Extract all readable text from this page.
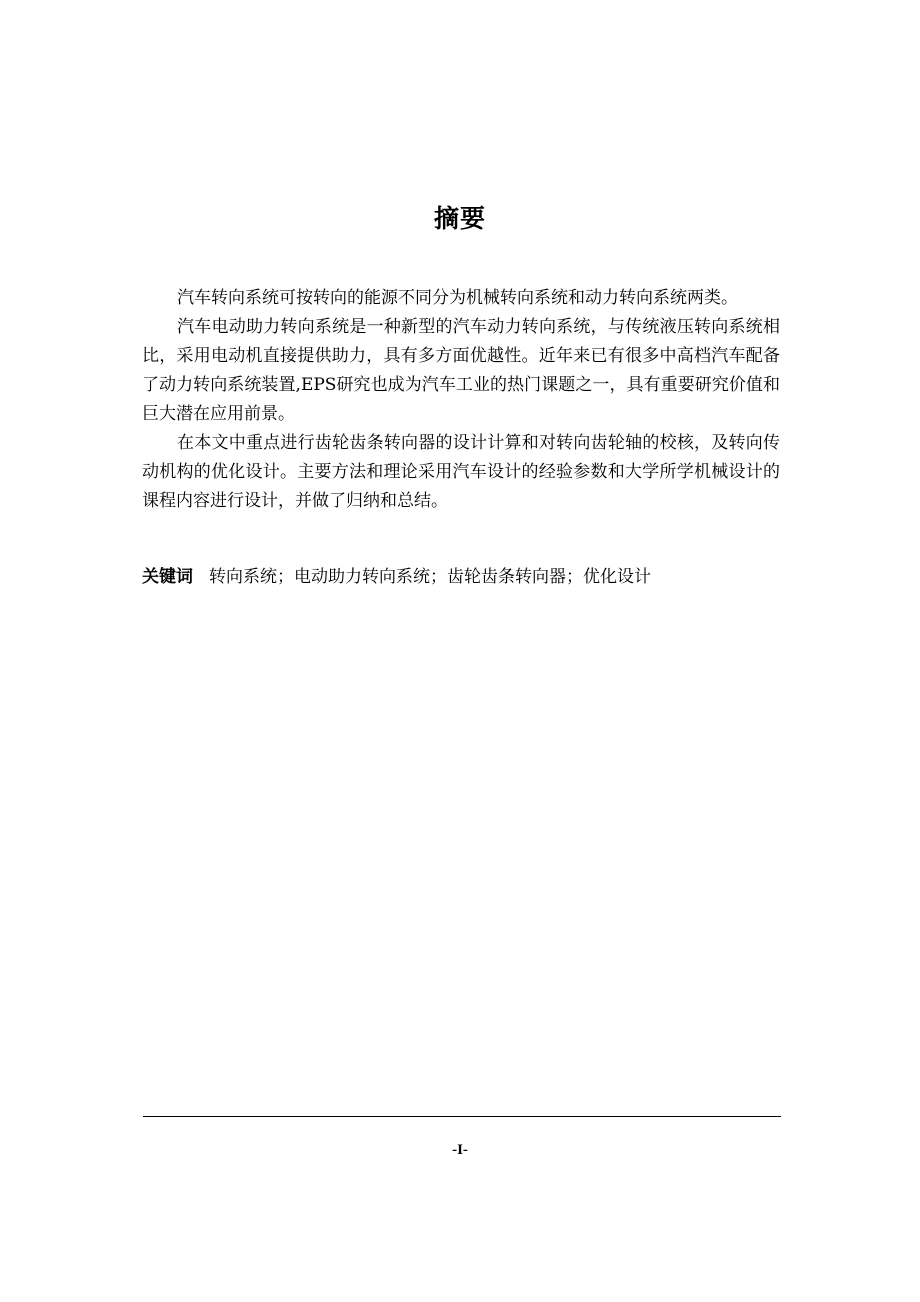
摘要

汽车转向系统可按转向的能源不同分为机械转向系统和动力转向系统两类。

汽车电动助力转向系统是一种新型的汽车动力转向系统，与传统液压转向系统相比，采用电动机直接提供助力，具有多方面优越性。近年来已有很多中高档汽车配备了动力转向系统装置,EPS研究也成为汽车工业的热门课题之一，具有重要研究价值和巨大潜在应用前景。

在本文中重点进行齿轮齿条转向器的设计计算和对转向齿轮轴的校核，及转向传动机构的优化设计。主要方法和理论采用汽车设计的经验参数和大学所学机械设计的课程内容进行设计，并做了归纳和总结。

关键词 转向系统；电动助力转向系统；齿轮齿条转向器；优化设计
-I-
